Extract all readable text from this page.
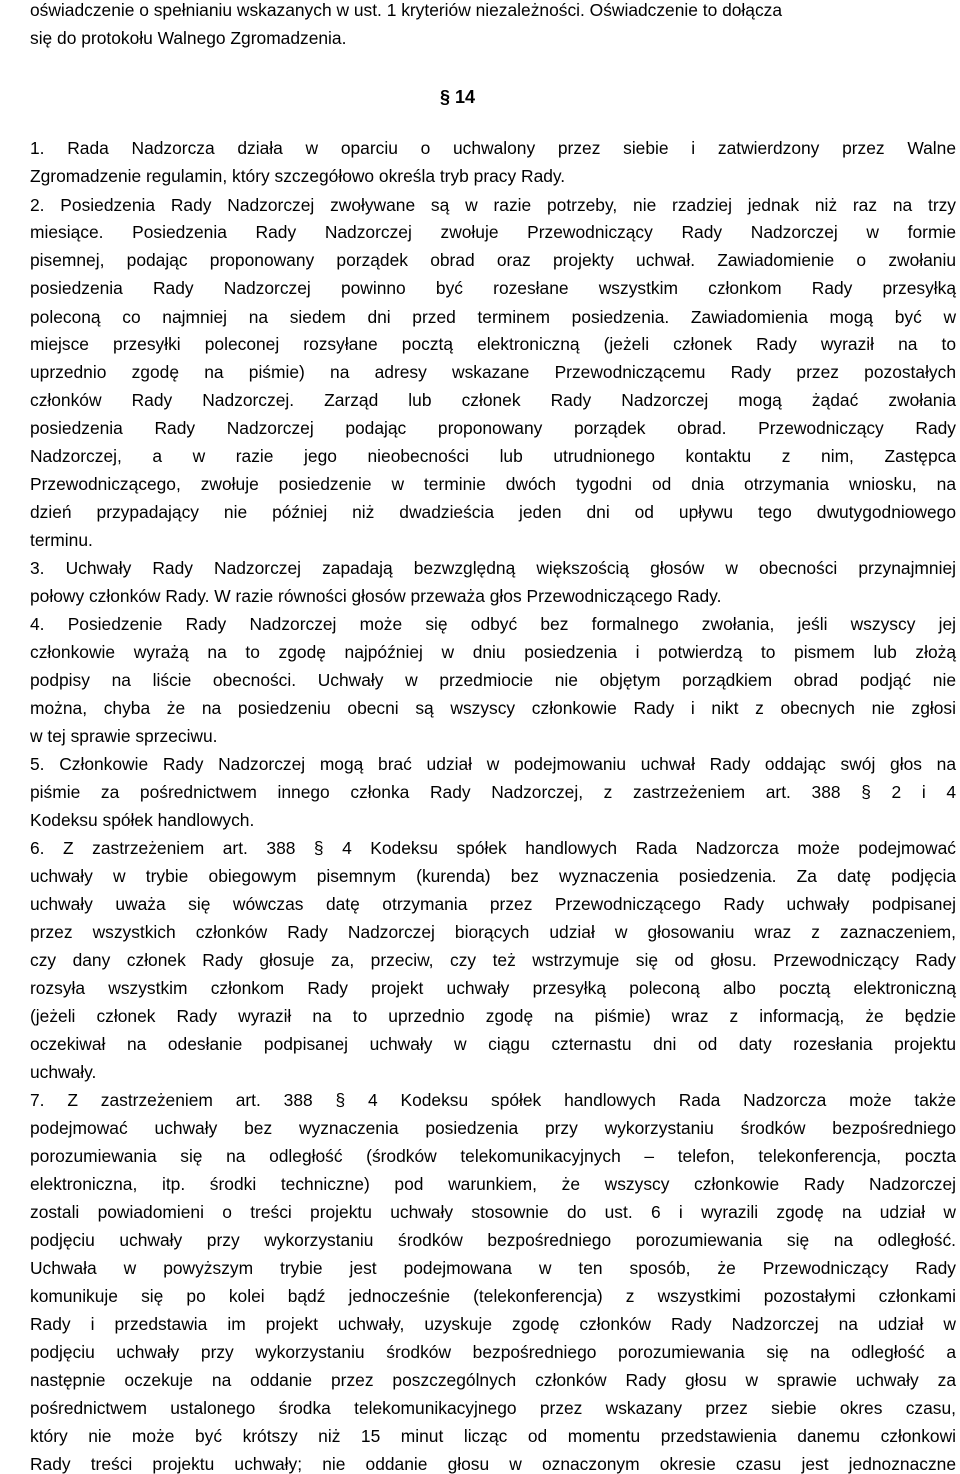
§ 14
oświadczenie o spełnianiu wskazanych w ust. 1 kryteriów niezależności. Oświadczenie to dołącza
się do protokołu Walnego Zgromadzenia.
1. Rada Nadzorcza działa w oparciu o uchwalony przez siebie i zatwierdzony przez Walne
Zgromadzenie regulamin, który szczegółowo określa tryb pracy Rady.
2. Posiedzenia Rady Nadzorczej zwoływane są w razie potrzeby, nie rzadziej jednak niż raz na trzy
miesiące. Posiedzenia Rady Nadzorczej zwołuje Przewodniczący Rady Nadzorczej w formie
pisemnej, podając proponowany porządek obrad oraz projekty uchwał. Zawiadomienie o zwołaniu
posiedzenia Rady Nadzorczej powinno być rozesłane wszystkim członkom Rady przesyłką
poleconą co najmniej na siedem dni przed terminem posiedzenia. Zawiadomienia mogą być w
miejsce przesyłki poleconej rozsyłane pocztą elektroniczną (jeżeli członek Rady wyraził na to
uprzednio zgodę na piśmie) na adresy wskazane Przewodniczącemu Rady przez pozostałych
członków Rady Nadzorczej. Zarząd lub członek Rady Nadzorczej mogą żądać zwołania
posiedzenia Rady Nadzorczej podając proponowany porządek obrad. Przewodniczący Rady
Nadzorczej, a w razie jego nieobecności lub utrudnionego kontaktu z nim, Zastępca
Przewodniczącego, zwołuje posiedzenie w terminie dwóch tygodni od dnia otrzymania wniosku, na
dzień przypadający nie później niż dwadzieścia jeden dni od upływu tego dwutygodniowego
terminu.
3. Uchwały Rady Nadzorczej zapadają bezwzględną większością głosów w obecności przynajmniej
połowy członków Rady. W razie równości głosów przeważa głos Przewodniczącego Rady.
4. Posiedzenie Rady Nadzorczej może się odbyć bez formalnego zwołania, jeśli wszyscy jej
członkowie wyrażą na to zgodę najpóźniej w dniu posiedzenia i potwierdzą to pismem lub złożą
podpisy na liście obecności. Uchwały w przedmiocie nie objętym porządkiem obrad podjąć nie
można, chyba że na posiedzeniu obecni są wszyscy członkowie Rady i nikt z obecnych nie zgłosi
w tej sprawie sprzeciwu.
5. Członkowie Rady Nadzorczej mogą brać udział w podejmowaniu uchwał Rady oddając swój głos na
piśmie za pośrednictwem innego członka Rady Nadzorczej, z zastrzeżeniem art. 388 § 2 i 4
Kodeksu spółek handlowych.
6. Z zastrzeżeniem art. 388 § 4 Kodeksu spółek handlowych Rada Nadzorcza może podejmować
uchwały w trybie obiegowym pisemnym (kurenda) bez wyznaczenia posiedzenia. Za datę podjęcia
uchwały uważa się wówczas datę otrzymania przez Przewodniczącego Rady uchwały podpisanej
przez wszystkich członków Rady Nadzorczej biorących udział w głosowaniu wraz z zaznaczeniem,
czy dany członek Rady głosuje za, przeciw, czy też wstrzymuje się od głosu. Przewodniczący Rady
rozsyła wszystkim członkom Rady projekt uchwały przesyłką poleconą albo pocztą elektroniczną
(jeżeli członek Rady wyraził na to uprzednio zgodę na piśmie) wraz z informacją, że będzie
oczekiwał na odesłanie podpisanej uchwały w ciągu czternastu dni od daty rozesłania projektu
uchwały.
7. Z zastrzeżeniem art. 388 § 4 Kodeksu spółek handlowych Rada Nadzorcza może także
podejmować uchwały bez wyznaczenia posiedzenia przy wykorzystaniu środków bezpośredniego
porozumiewania się na odległość (środków telekomunikacyjnych – telefon, telekonferencja, poczta
elektroniczna, itp. środki techniczne) pod warunkiem, że wszyscy członkowie Rady Nadzorczej
zostali powiadomieni o treści projektu uchwały stosownie do ust. 6 i wyrazili zgodę na udział w
podjęciu uchwały przy wykorzystaniu środków bezpośredniego porozumiewania się na odległość.
Uchwała w powyższym trybie jest podejmowana w ten sposób, że Przewodniczący Rady
komunikuje się po kolei bądź jednocześnie (telekonferencja) z wszystkimi pozostałymi członkami
Rady i przedstawia im projekt uchwały, uzyskuje zgodę członków Rady Nadzorczej na udział w
podjęciu uchwały przy wykorzystaniu środków bezpośredniego porozumiewania się na odległość a
następnie oczekuje na oddanie przez poszczególnych członków Rady głosu w sprawie uchwały za
pośrednictwem ustalonego środka telekomunikacyjnego przez wskazany przez siebie okres czasu,
który nie może być krótszy niż 15 minut licząc od momentu przedstawienia danemu członkowi
Rady treści projektu uchwały; nie oddanie głosu w oznaczonym okresie czasu jest jednoznaczne
